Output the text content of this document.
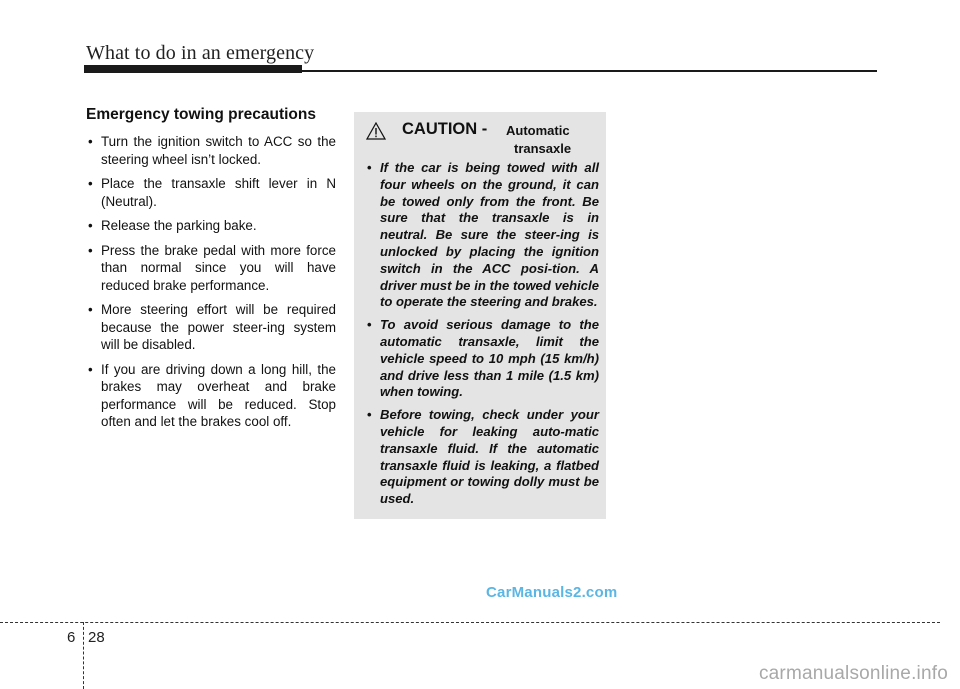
What to do in an emergency
Emergency towing precautions
• Turn the ignition switch to ACC so the steering wheel isn’t locked.
• Place the transaxle shift lever in N (Neutral).
• Release the parking bake.
• Press the brake pedal with more force than normal since you will have reduced brake performance.
• More steering effort will be required because the power steer-ing system will be disabled.
• If you are driving down a long hill, the brakes may overheat and brake performance will be reduced. Stop often and let the brakes cool off.
CAUTION - Automatic
transaxle
• If the car is being towed with all four wheels on the ground, it can be towed only from the front. Be sure that the transaxle is in neutral. Be sure the steer-ing is unlocked by placing the ignition switch in the ACC posi-tion. A driver must be in the towed vehicle to operate the steering and brakes.
• To avoid serious damage to the automatic transaxle, limit the vehicle speed to 10 mph (15 km/h) and drive less than 1 mile (1.5 km) when towing.
• Before towing, check under your vehicle for leaking auto-matic transaxle fluid. If the automatic transaxle fluid is leaking, a flatbed equipment or towing dolly must be used.
CarManuals2.com
6 28
carmanualsonline.info
